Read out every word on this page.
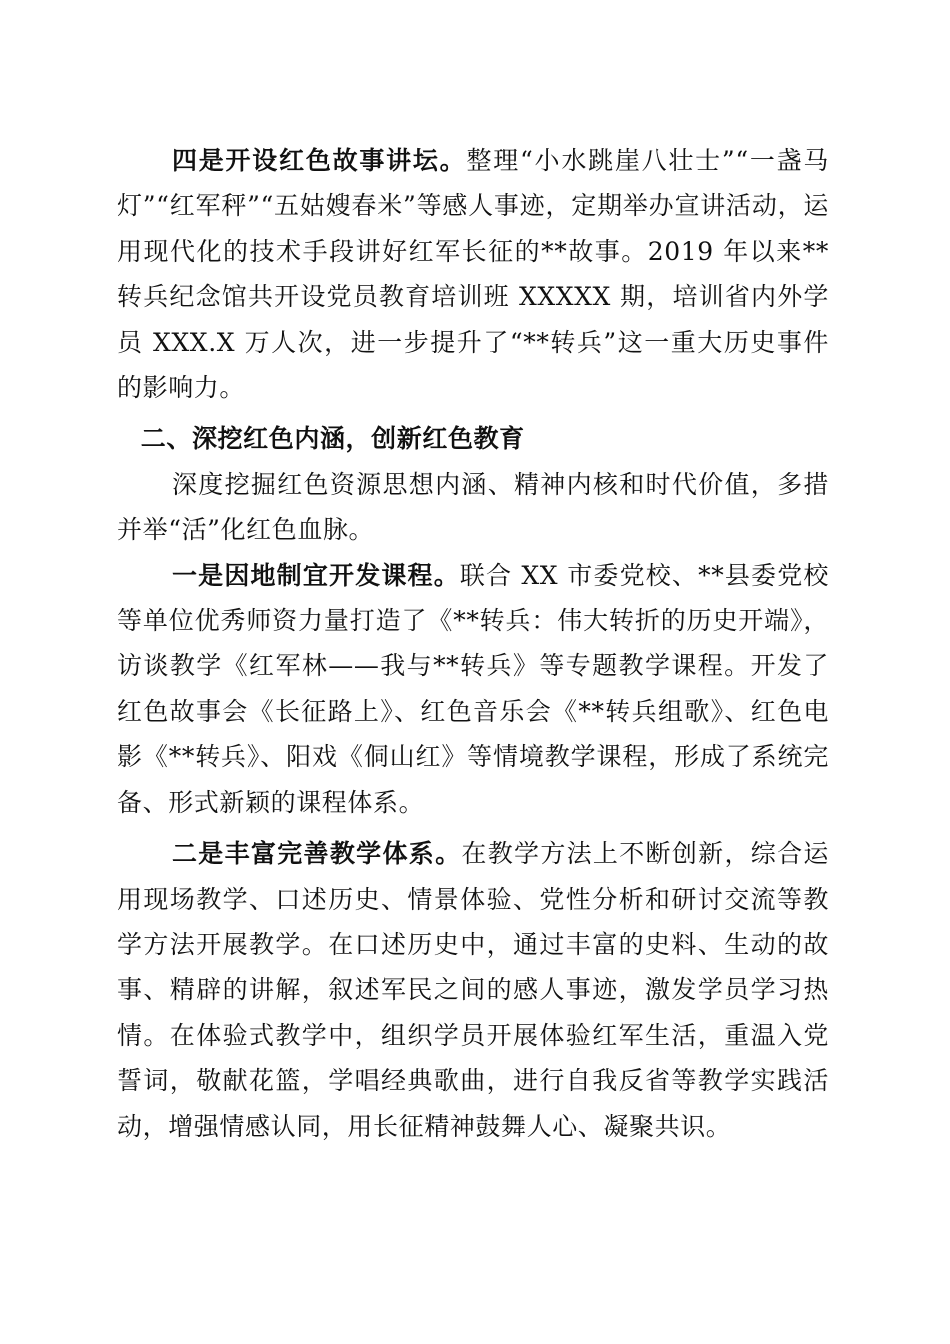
四是开设红色故事讲坛。整理“小水跳崖八壮士”“一盏马灯”“红军秤”“五姑嫂春米”等感人事迹，定期举办宣讲活动，运用现代化的技术手段讲好红军长征的**故事。2019 年以来**转兵纪念馆共开设党员教育培训班 XXXXX 期，培训省内外学员 XXX.X 万人次，进一步提升了“**转兵”这一重大历史事件的影响力。

二、深挖红色内涵，创新红色教育

深度挖掘红色资源思想内涵、精神内核和时代价值，多措并举“活”化红色血脉。

一是因地制宜开发课程。联合 XX 市委党校、**县委党校等单位优秀师资力量打造了《**转兵：伟大转折的历史开端》，访谈教学《红军林——我与**转兵》等专题教学课程。开发了红色故事会《长征路上》、红色音乐会《**转兵组歌》、红色电影《**转兵》、阳戏《侗山红》等情境教学课程，形成了系统完备、形式新颖的课程体系。

二是丰富完善教学体系。在教学方法上不断创新，综合运用现场教学、口述历史、情景体验、党性分析和研讨交流等教学方法开展教学。在口述历史中，通过丰富的史料、生动的故事、精辟的讲解，叙述军民之间的感人事迹，激发学员学习热情。在体验式教学中，组织学员开展体验红军生活，重温入党誓词，敬献花篮，学唱经典歌曲，进行自我反省等教学实践活动，增强情感认同，用长征精神鼓舞人心、凝聚共识。
